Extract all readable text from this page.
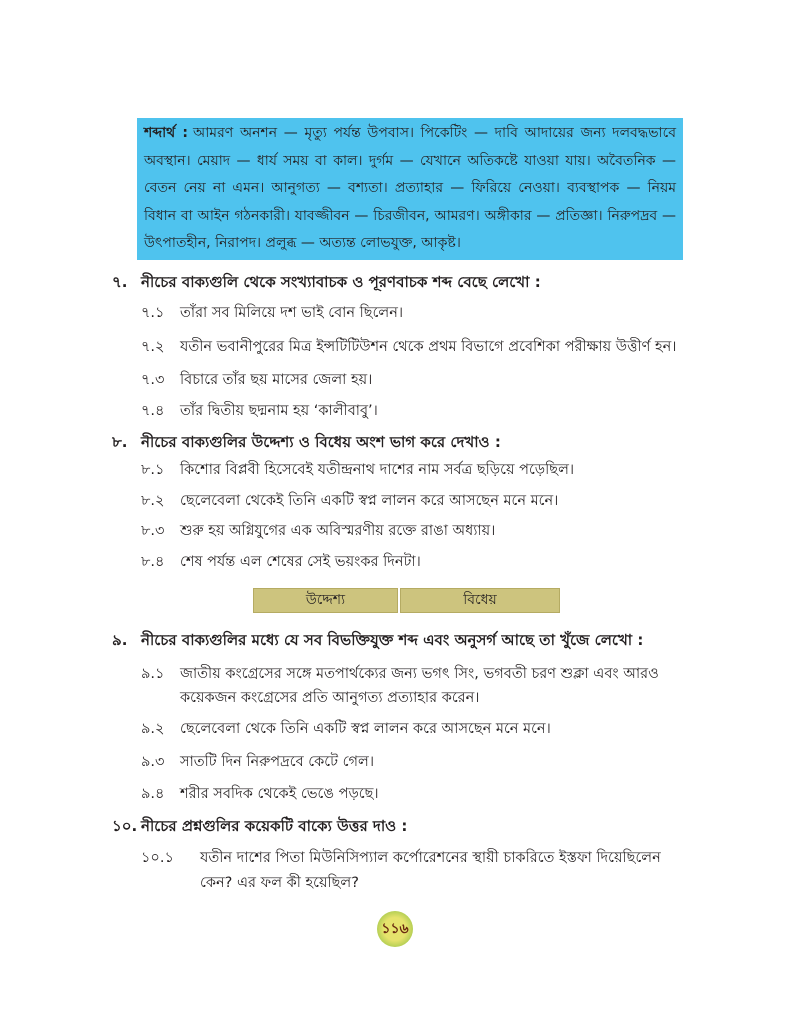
শব্দার্থ : আমরণ অনশন — মৃত্যু পর্যন্ত উপবাস। পিকেটিং — দাবি আদায়ের জন্য দলবদ্ধভাবে অবস্থান। মেয়াদ — ধার্য সময় বা কাল। দুর্গম — যেখানে অতিকষ্টে যাওয়া যায়। অবৈতনিক — বেতন নেয় না এমন। আনুগত্য — বশ্যতা। প্রত্যাহার — ফিরিয়ে নেওয়া। ব্যবস্থাপক — নিয়ম বিধান বা আইন গঠনকারী। যাবজ্জীবন — চিরজীবন, আমরণ। অঙ্গীকার — প্রতিজ্ঞা। নিরুপদ্রব — উৎপাতহীন, নিরাপদ। প্রলুব্ধ — অত্যন্ত লোভযুক্ত, আকৃষ্ট।
৭. নীচের বাক্যগুলি থেকে সংখ্যাবাচক ও পূরণবাচক শব্দ বেছে লেখো :
৭.১	তাঁরা সব মিলিয়ে দশ ভাই বোন ছিলেন।
৭.২	যতীন ভবানীপুরের মিত্র ইন্সটিটিউশন থেকে প্রথম বিভাগে প্রবেশিকা পরীক্ষায় উত্তীর্ণ হন।
৭.৩	বিচারে তাঁর ছয় মাসের জেলা হয়।
৭.৪	তাঁর দ্বিতীয় ছদ্মনাম হয় ‘কালীবাবু’।
৮. নীচের বাক্যগুলির উদ্দেশ্য ও বিধেয় অংশ ভাগ করে দেখাও :
৮.১	কিশোর বিপ্লবী হিসেবেই যতীন্দ্রনাথ দাশের নাম সর্বত্র ছড়িয়ে পড়েছিল।
৮.২	ছেলেবেলা থেকেই তিনি একটি স্বপ্ন লালন করে আসছেন মনে মনে।
৮.৩	শুরু হয় অগ্নিযুগের এক অবিস্মরণীয় রক্তে রাঙা অধ্যায়।
৮.৪	শেষ পর্যন্ত এল শেষের সেই ভয়ংকর দিনটা।
উদ্দেশ্য	বিধেয়
৯. নীচের বাক্যগুলির মধ্যে যে সব বিভক্তিযুক্ত শব্দ এবং অনুসর্গ আছে তা খুঁজে লেখো :
৯.১	জাতীয় কংগ্রেসের সঙ্গে মতপার্থক্যের জন্য ভগৎ সিং, ভগবতী চরণ শুক্লা এবং আরও কয়েকজন কংগ্রেসের প্রতি আনুগত্য প্রত্যাহার করেন।
৯.২	ছেলেবেলা থেকে তিনি একটি স্বপ্ন লালন করে আসছেন মনে মনে।
৯.৩	সাতটি দিন নিরুপদ্রবে কেটে গেল।
৯.৪	শরীর সবদিক থেকেই ভেঙে পড়ছে।
১০. নীচের প্রশ্নগুলির কয়েকটি বাক্যে উত্তর দাও :
১০.১	যতীন দাশের পিতা মিউনিসিপ্যাল কর্পোরেশনের স্থায়ী চাকরিতে ইস্তফা দিয়েছিলেন কেন? এর ফল কী হয়েছিল?
১১৬
